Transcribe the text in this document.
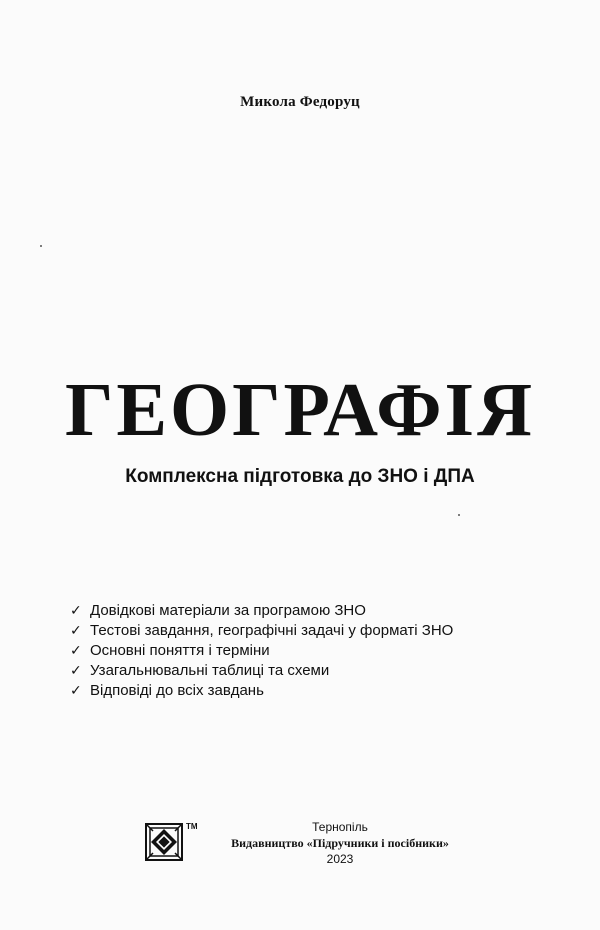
Микола Федоруц
ГЕОГРАФІЯ
Комплексна підготовка до ЗНО і ДПА
✓ Довідкові матеріали за програмою ЗНО
✓ Тестові завдання, географічні задачі у форматі ЗНО
✓ Основні поняття і терміни
✓ Узагальнювальні таблиці та схеми
✓ Відповіді до всіх завдань
TM	Тернопіль
Видавництво «Підручники і посібники»
2023
